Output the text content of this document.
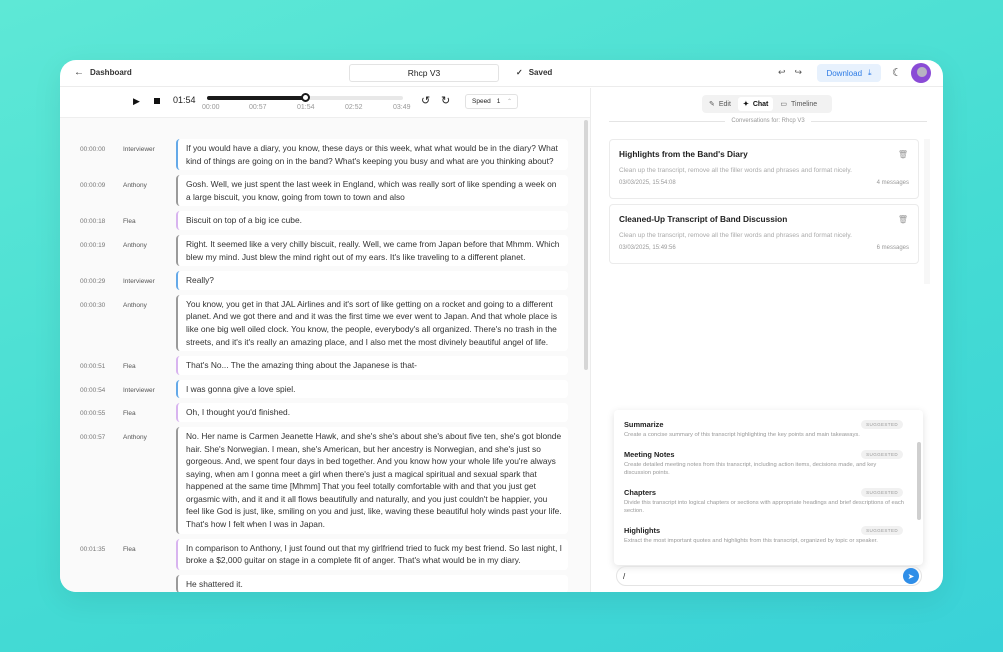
← Dashboard	Rhcp V3	✓ Saved	↩ ↪	Download ⤓ ☾
▶	01:54
00:00	00:57	01:54	02:52	03:49
↺ ↻	Speed 1 ⌃
00:00:00	Interviewer	If you would have a diary, you know, these days or this week, what what would be in the diary? What kind of things are going on in the band? What's keeping you busy and what are you thinking about?
00:00:09	Anthony	Gosh. Well, we just spent the last week in England, which was really sort of like spending a week on a large biscuit, you know, going from town to town and also
00:00:18	Flea	Biscuit on top of a big ice cube.
00:00:19	Anthony	Right. It seemed like a very chilly biscuit, really. Well, we came from Japan before that Mhmm. Which blew my mind. Just blew the mind right out of my ears. It's like traveling to a different planet.
00:00:29	Interviewer	Really?
00:00:30	Anthony	You know, you get in that JAL Airlines and it's sort of like getting on a rocket and going to a different planet. And we got there and and it was the first time we ever went to Japan. And that whole place is like one big well oiled clock. You know, the people, everybody's all organized. There's no trash in the streets, and it's it's really an amazing place, and I also met the most divinely beautiful angel of life.
00:00:51	Flea	That's No... The the amazing thing about the Japanese is that-
00:00:54	Interviewer	I was gonna give a love spiel.
00:00:55	Flea	Oh, I thought you'd finished.
00:00:57	Anthony	No. Her name is Carmen Jeanette Hawk, and she's she's about she's about five ten, she's got blonde hair. She's Norwegian. I mean, she's American, but her ancestry is Norwegian, and she's just so gorgeous. And, we spent four days in bed together. And you know how your whole life you're always saying, when am I gonna meet a girl when there's just a magical spiritual and sexual spark that happened at the same time [Mhmm] That you feel totally comfortable with and that you just get orgasmic with, and it and it all flows beautifully and naturally, and you just couldn't be happier, you feel like God is just, like, smiling on you and just, like, waving these beautiful holy winds past your life. That's how I felt when I was in Japan.
00:01:35	Flea	In comparison to Anthony, I just found out that my girlfriend tried to fuck my best friend. So last night, I broke a $2,000 guitar on stage in a complete fit of anger. That's what would be in my diary.
He shattered it.
✎ Edit ✦ Chat ▭ Timeline
Conversations for: Rhcp V3
Highlights from the Band's Diary	🗑
Clean up the transcript, remove all the filler words and phrases and format nicely.
03/03/2025, 15:54:08	4 messages
Cleaned-Up Transcript of Band Discussion	🗑
Clean up the transcript, remove all the filler words and phrases and format nicely.
03/03/2025, 15:49:56	6 messages
Summarize	SUGGESTED
Create a concise summary of this transcript highlighting the key points and main takeaways.
Meeting Notes	SUGGESTED
Create detailed meeting notes from this transcript, including action items, decisions made, and key discussion points.
Chapters	SUGGESTED
Divide this transcript into logical chapters or sections with appropriate headings and brief descriptions of each section.
Highlights	SUGGESTED
Extract the most important quotes and highlights from this transcript, organized by topic or speaker.
/	➤
